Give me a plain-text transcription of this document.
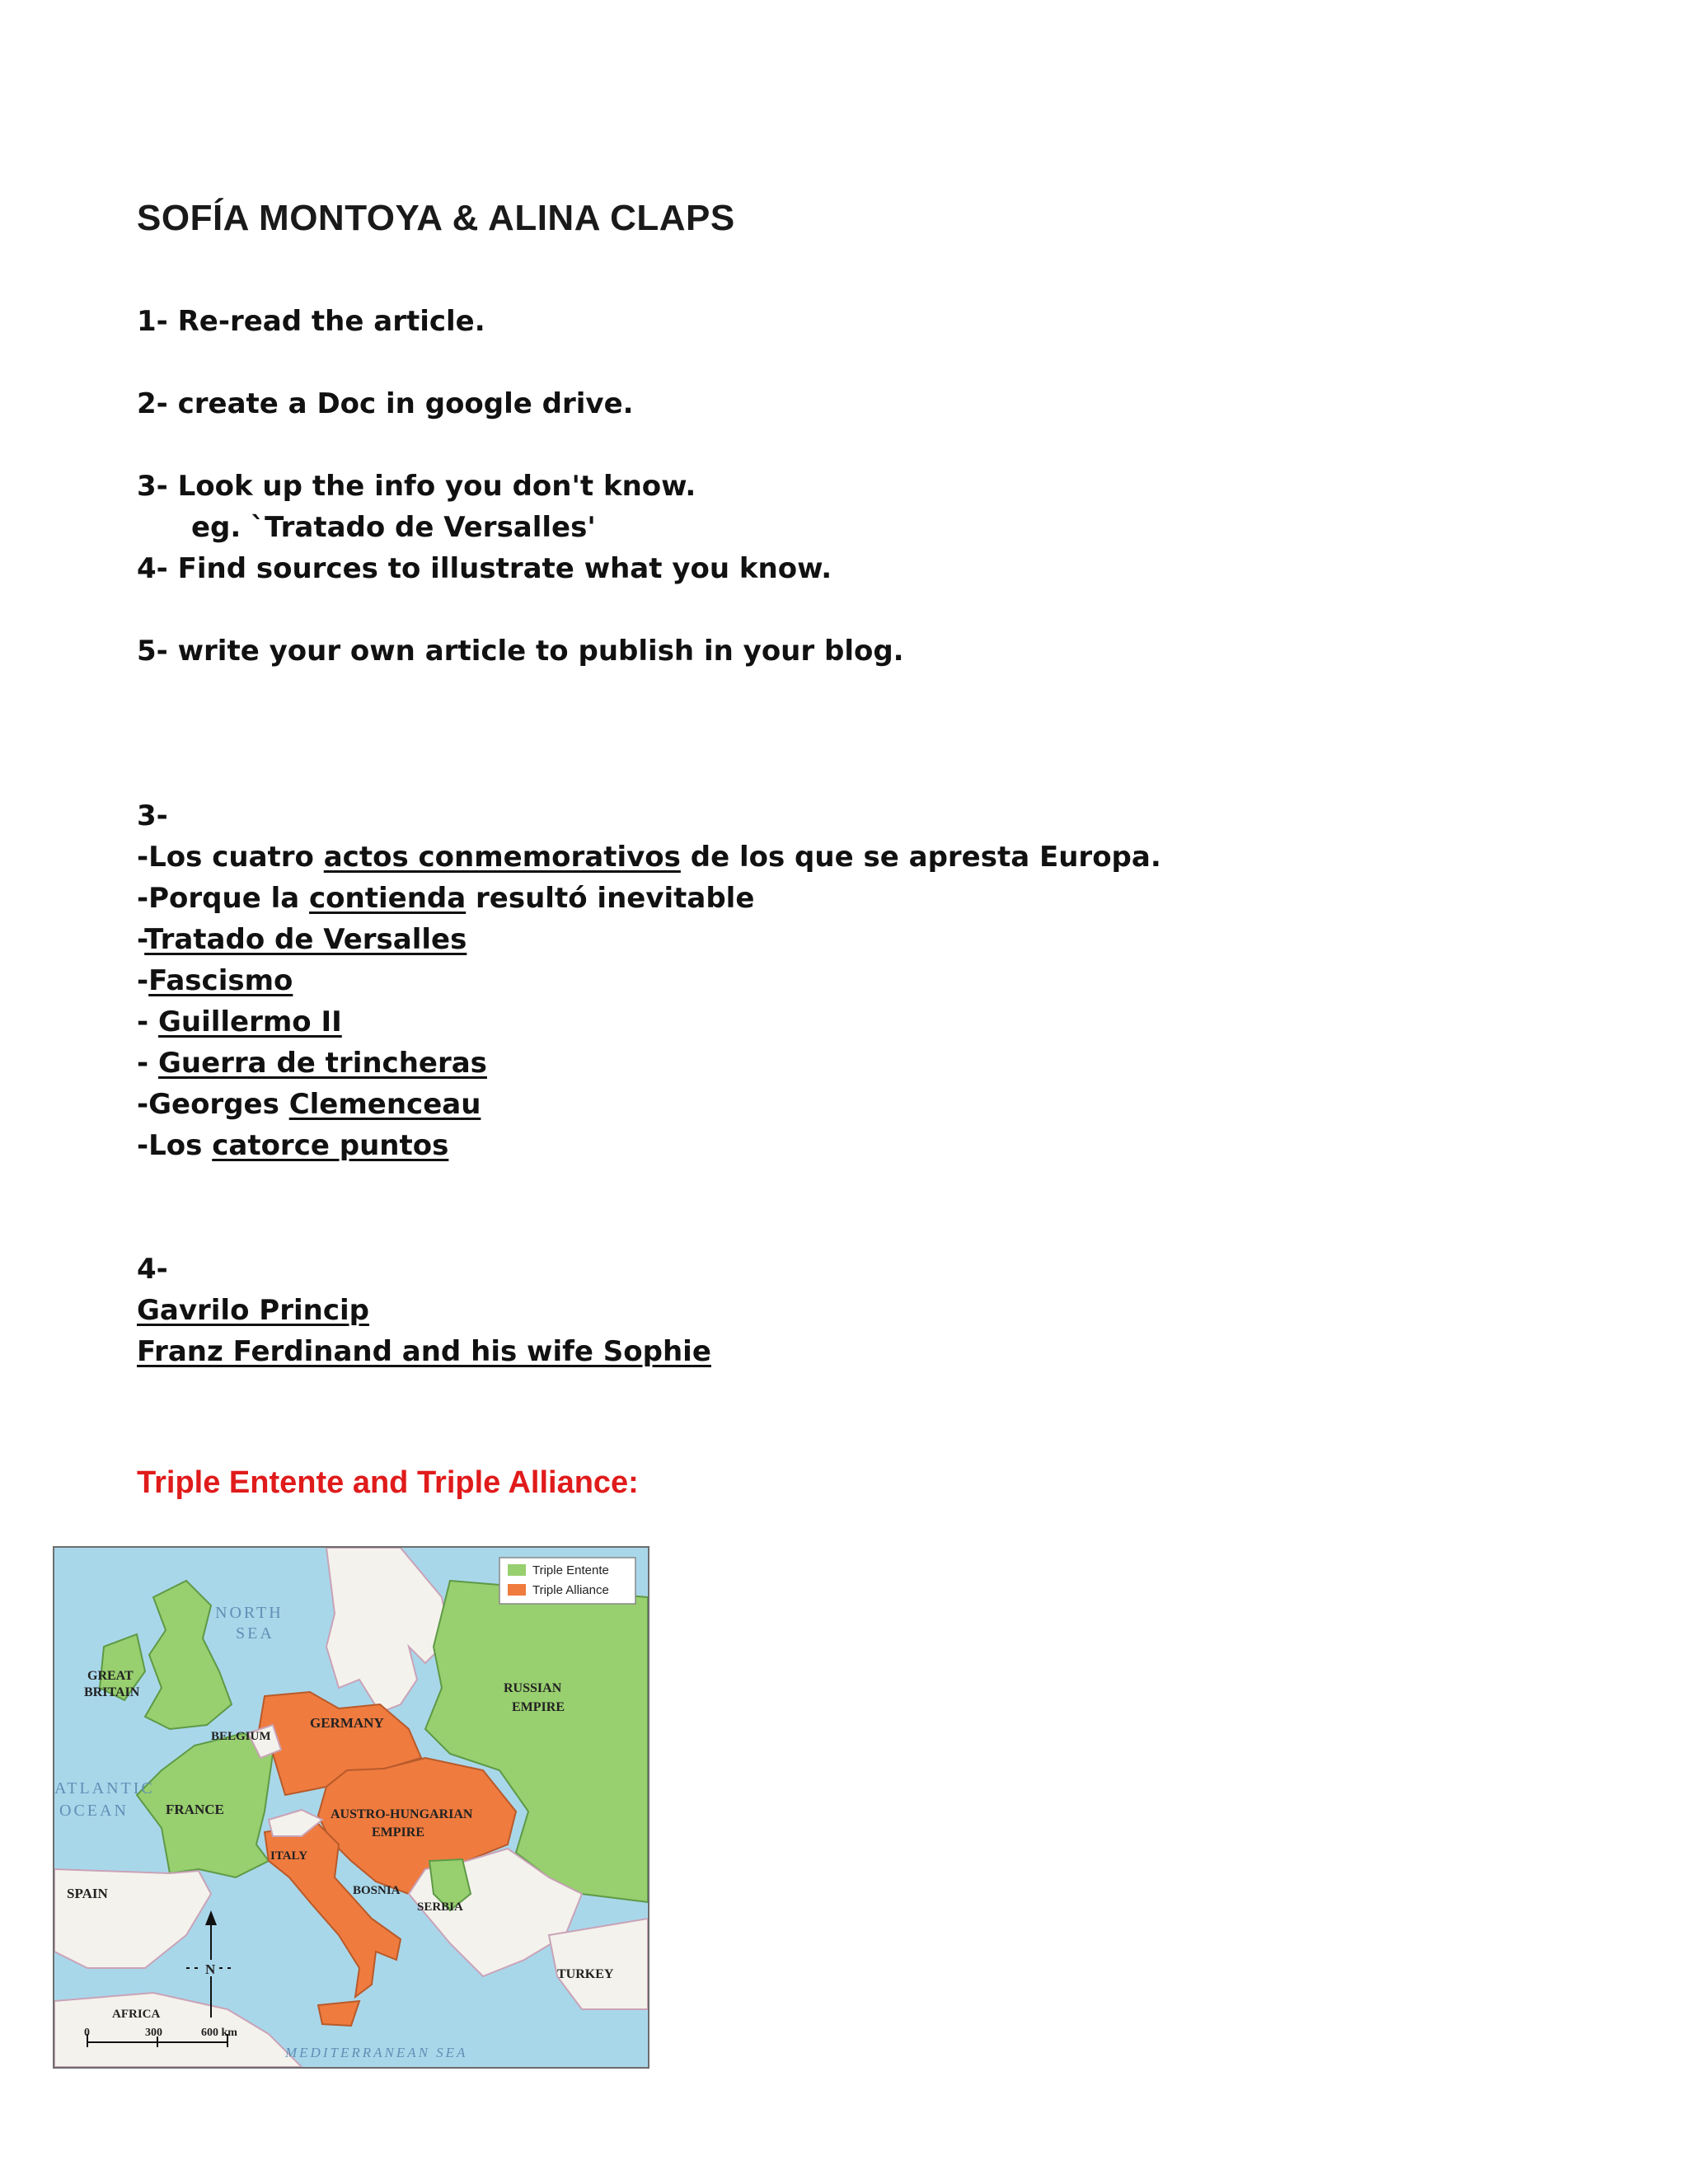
SOFÍA MONTOYA & ALINA CLAPS
1- Re-read the article.
2- create a Doc in google drive.
3- Look up the info you don't know.
eg. `Tratado de Versalles'
4- Find sources to illustrate what you know.
5- write your own article to publish in your blog.
3-
-Los cuatro actos conmemorativos de los que se apresta Europa.
-Porque la contienda resultó inevitable
-Tratado de Versalles
-Fascismo
- Guillermo II
- Guerra de trincheras
-Georges Clemenceau
-Los catorce puntos
4-
Gavrilo Princip
Franz Ferdinand and his wife Sophie
Triple Entente and Triple Alliance:
Triple Entente
Triple Alliance
NORTH
SEA
GREAT
BRITAIN
BELGIUM
GERMANY
RUSSIAN
EMPIRE
ATLANTIC
OCEAN	FRANCE	AUSTRO-HUNGARIAN
EMPIRE
ITALY
BOSNIA
SERBIA
SPAIN
TURKEY
AFRICA
MEDITERRANEAN SEA
N
0	300	600 km
